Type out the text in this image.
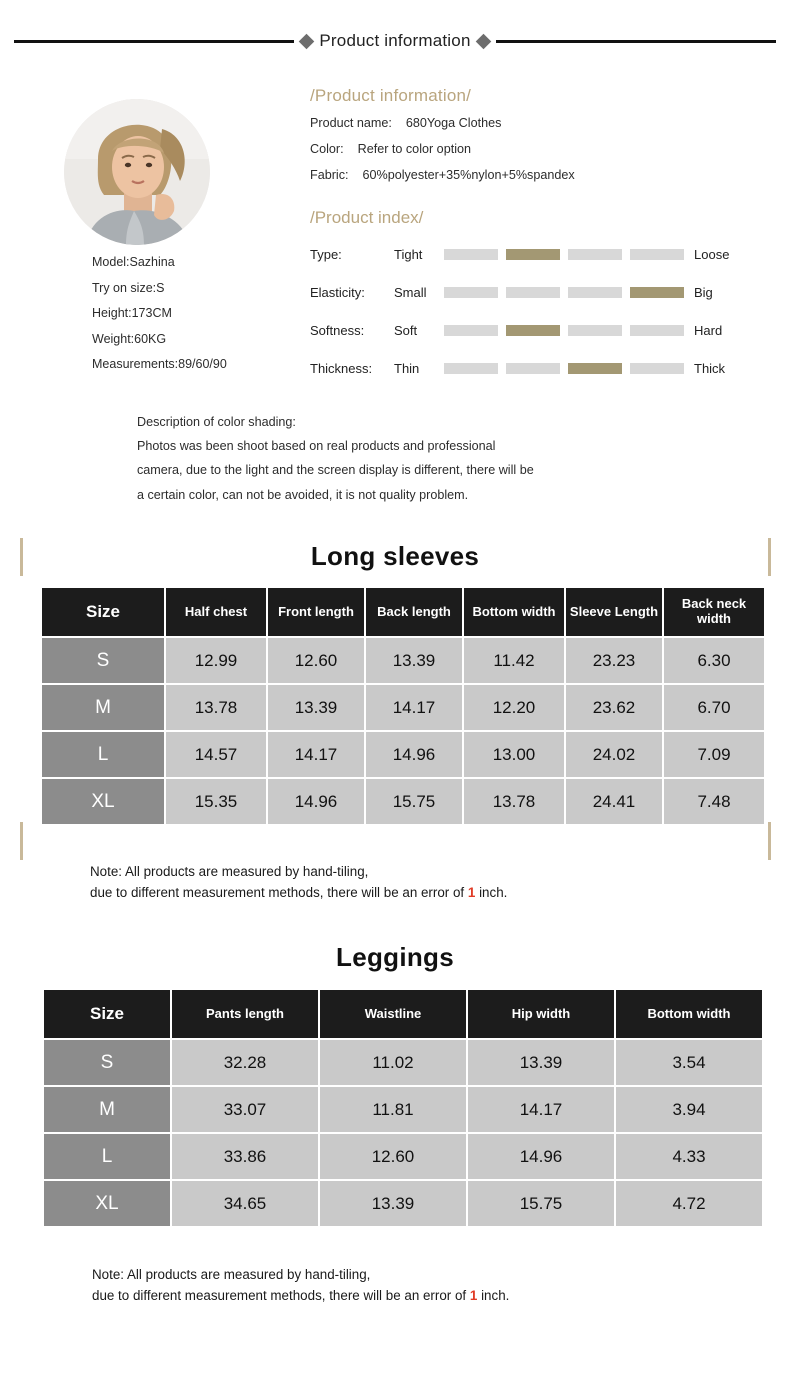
Product information
Model:Sazhina
Try on size:S
Height:173CM
Weight:60KG
Measurements:89/60/90
/Product information/
Product name: 680Yoga Clothes
Color: Refer to color option
Fabric: 60%polyester+35%nylon+5%spandex
/Product index/
Type:	Tight	Loose
Elasticity:	Small	Big
Softness:	Soft	Hard
Thickness:	Thin	Thick
Description of color shading:
Photos was been shoot based on real products and professional
camera, due to the light and the screen display is different, there will be
a certain color, can not be avoided, it is not quality problem.
Long sleeves
Size	Half chest	Front length	Back length	Bottom width	Sleeve Length	Back neck width
S	12.99	12.60	13.39	11.42	23.23	6.30
M	13.78	13.39	14.17	12.20	23.62	6.70
L	14.57	14.17	14.96	13.00	24.02	7.09
XL	15.35	14.96	15.75	13.78	24.41	7.48
Note: All products are measured by hand-tiling,
due to different measurement methods, there will be an error of 1 inch.
Leggings
Size	Pants length	Waistline	Hip width	Bottom width
S	32.28	11.02	13.39	3.54
M	33.07	11.81	14.17	3.94
L	33.86	12.60	14.96	4.33
XL	34.65	13.39	15.75	4.72
Note: All products are measured by hand-tiling,
due to different measurement methods, there will be an error of 1 inch.
